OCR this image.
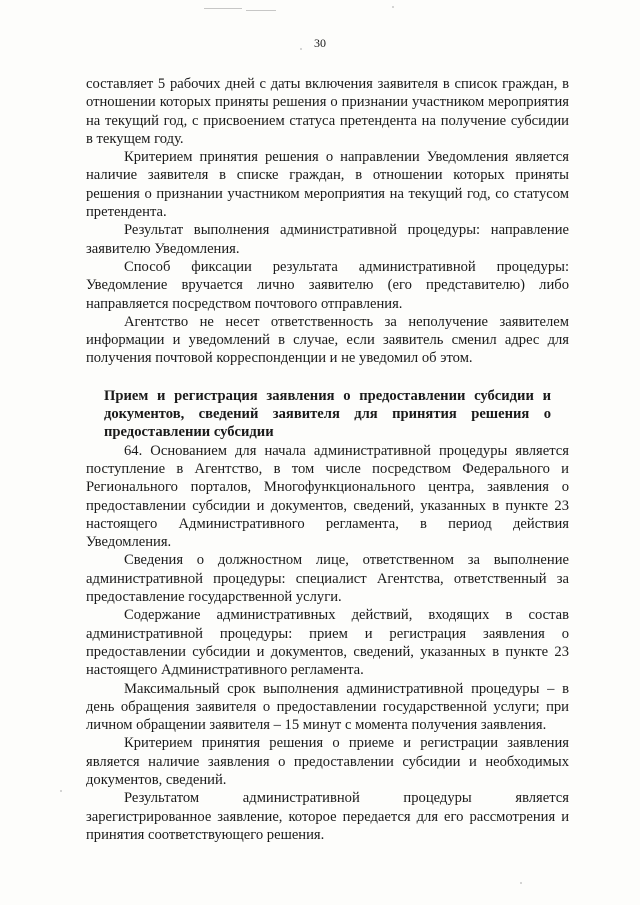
30

составляет 5 рабочих дней с даты включения заявителя в список граждан, в отношении которых приняты решения о признании участником мероприятия на текущий год, с присвоением статуса претендента на получение субсидии в текущем году.

Критерием принятия решения о направлении Уведомления является наличие заявителя в списке граждан, в отношении которых приняты решения о признании участником мероприятия на текущий год, со статусом претендента.

Результат выполнения административной процедуры: направление заявителю Уведомления.

Способ фиксации результата административной процедуры: Уведомление вручается лично заявителю (его представителю) либо направляется посредством почтового отправления.

Агентство не несет ответственность за неполучение заявителем информации и уведомлений в случае, если заявитель сменил адрес для получения почтовой корреспонденции и не уведомил об этом.

Прием и регистрация заявления о предоставлении субсидии и документов, сведений заявителя для принятия решения о предоставлении субсидии

64. Основанием для начала административной процедуры является поступление в Агентство, в том числе посредством Федерального и Регионального порталов, Многофункционального центра, заявления о предоставлении субсидии и документов, сведений, указанных в пункте 23 настоящего Административного регламента, в период действия Уведомления.

Сведения о должностном лице, ответственном за выполнение административной процедуры: специалист Агентства, ответственный за предоставление государственной услуги.

Содержание административных действий, входящих в состав административной процедуры: прием и регистрация заявления о предоставлении субсидии и документов, сведений, указанных в пункте 23 настоящего Административного регламента.

Максимальный срок выполнения административной процедуры – в день обращения заявителя о предоставлении государственной услуги; при личном обращении заявителя – 15 минут с момента получения заявления.

Критерием принятия решения о приеме и регистрации заявления является наличие заявления о предоставлении субсидии и необходимых документов, сведений.

Результатом административной процедуры является зарегистрированное заявление, которое передается для его рассмотрения и принятия соответствующего решения.
